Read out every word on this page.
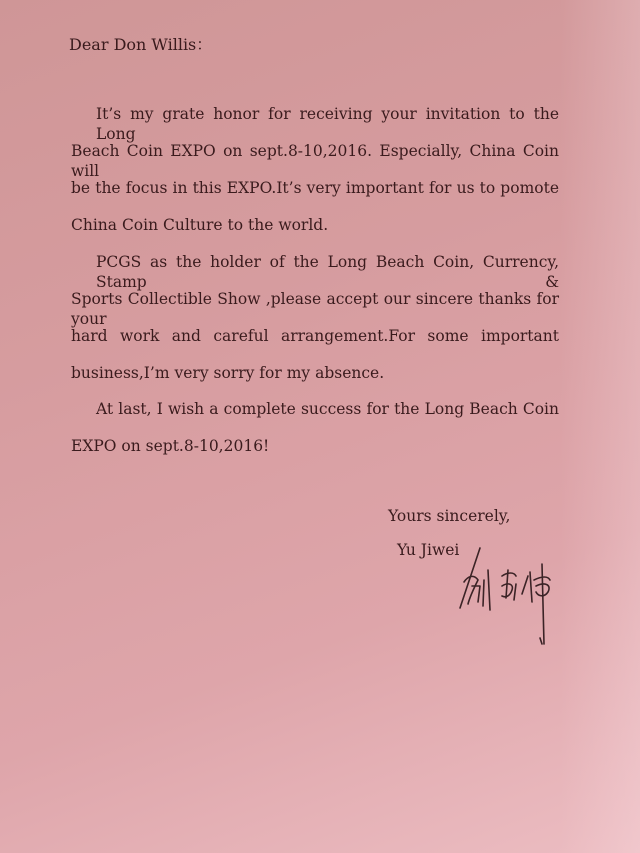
Dear Don Willis：
It’s my grate honor for receiving your invitation to the Long
Beach Coin EXPO on sept.8-10,2016. Especially, China Coin will
be the focus in this EXPO.It’s very important for us to pomote
China Coin Culture to the world.
PCGS as the holder of the Long Beach Coin, Currency, Stamp &
Sports Collectible Show ,please accept our sincere thanks for your
hard work and careful arrangement.For some important
business,I’m very sorry for my absence.
At last, I wish a complete success for the Long Beach Coin
EXPO on sept.8-10,2016!
Yours sincerely,
Yu Jiwei
